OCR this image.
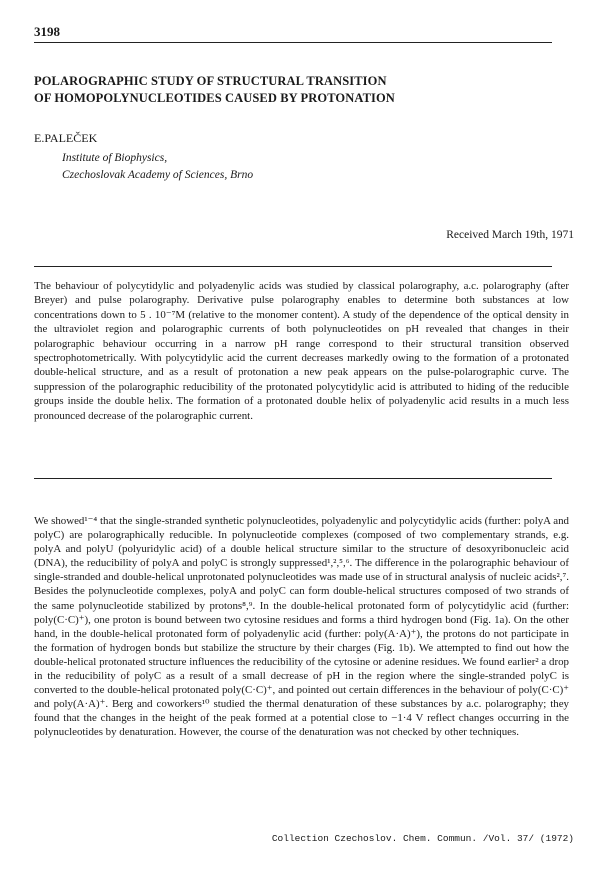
3198
POLAROGRAPHIC STUDY OF STRUCTURAL TRANSITION
OF HOMOPOLYNUCLEOTIDES CAUSED BY PROTONATION
E.PALEČEK
Institute of Biophysics,
Czechoslovak Academy of Sciences, Brno
Received March 19th, 1971

The behaviour of polycytidylic and polyadenylic acids was studied by classical polarography, a.c. polarography (after Breyer) and pulse polarography. Derivative pulse polarography enables to determine both substances at low concentrations down to 5 . 10⁻⁷M (relative to the monomer content). A study of the dependence of the optical density in the ultraviolet region and polarographic currents of both polynucleotides on pH revealed that changes in their polarographic behaviour occurring in a narrow pH range correspond to their structural transition observed spectrophotometrically. With polycytidylic acid the current decreases markedly owing to the formation of a protonated double-helical structure, and as a result of protonation a new peak appears on the pulse-polarographic curve. The suppression of the polarographic reducibility of the protonated polycytidylic acid is attributed to hiding of the reducible groups inside the double helix. The formation of a protonated double helix of polyadenylic acid results in a much less pronounced decrease of the polarographic current.

We showed¹⁻⁴ that the single-stranded synthetic polynucleotides, polyadenylic and polycytidylic acids (further: polyA and polyC) are polarographically reducible. In polynucleotide complexes (composed of two complementary strands, e.g. polyA and polyU (polyuridylic acid) of a double helical structure similar to the structure of desoxyribonucleic acid (DNA), the reducibility of polyA and polyC is strongly suppressed¹,²,⁵,⁶. The difference in the polarographic behaviour of single-stranded and double-helical unprotonated polynucleotides was made use of in structural analysis of nucleic acids²,⁷. Besides the polynucleotide complexes, polyA and polyC can form double-helical structures composed of two strands of the same polynucleotide stabilized by protons⁸,⁹. In the double-helical protonated form of polycytidylic acid (further: poly(C·C)⁺), one proton is bound between two cytosine residues and forms a third hydrogen bond (Fig. 1a). On the other hand, in the double-helical protonated form of polyadenylic acid (further: poly(A·A)⁺), the protons do not participate in the formation of hydrogen bonds but stabilize the structure by their charges (Fig. 1b). We attempted to find out how the double-helical protonated structure influences the reducibility of the cytosine or adenine residues. We found earlier² a drop in the reducibility of polyC as a result of a small decrease of pH in the region where the single-stranded polyC is converted to the double-helical protonated poly(C·C)⁺, and pointed out certain differences in the behaviour of poly(C·C)⁺ and poly(A·A)⁺. Berg and coworkers¹⁰ studied the thermal denaturation of these substances by a.c. polarography; they found that the changes in the height of the peak formed at a potential close to −1·4 V reflect changes occurring in the polynucleotides by denaturation. However, the course of the denaturation was not checked by other techniques.

Collection Czechoslov. Chem. Commun. /Vol. 37/ (1972)
